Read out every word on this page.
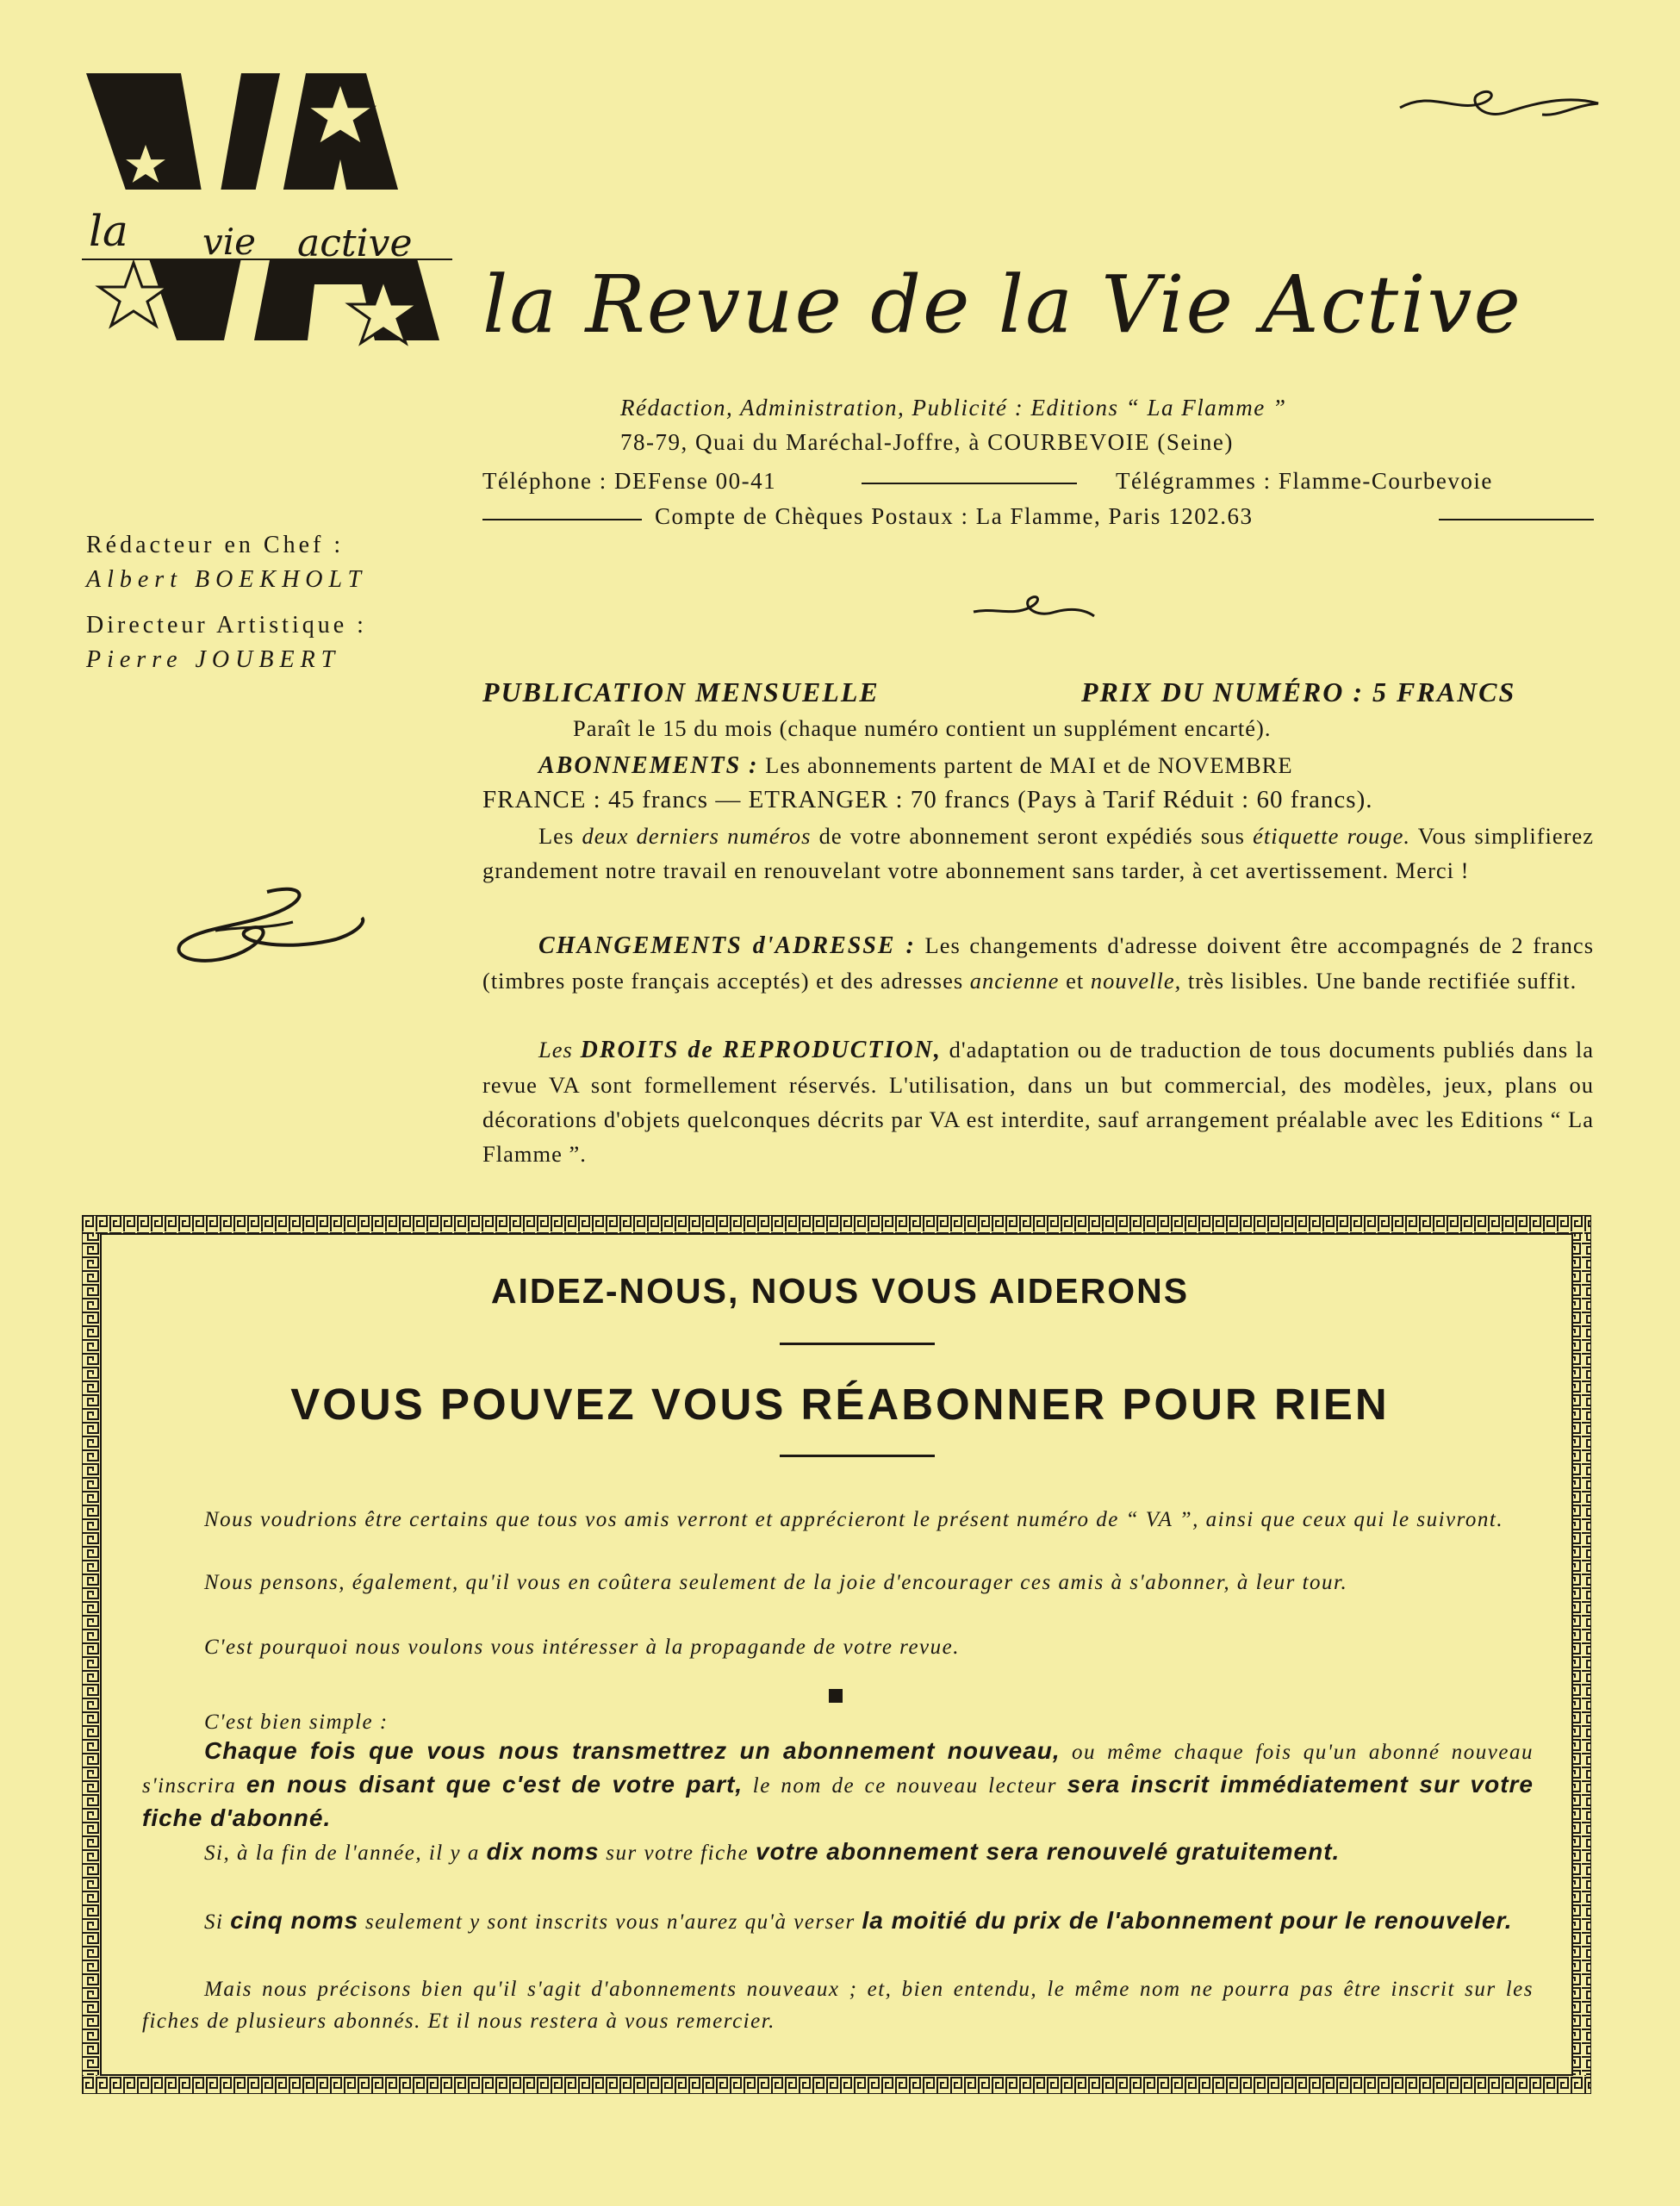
la vie active
la Revue de la Vie Active
Rédaction, Administration, Publicité : Editions “ La Flamme ”
78-79, Quai du Maréchal-Joffre, à COURBEVOIE (Seine)
Téléphone : DEFense 00-41	Télégrammes : Flamme-Courbevoie
Compte de Chèques Postaux : La Flamme, Paris 1202.63
Rédacteur en Chef :
Albert BOEKHOLT
Directeur Artistique :
Pierre JOUBERT
PUBLICATION MENSUELLE	PRIX DU NUMÉRO : 5 FRANCS
Paraît le 15 du mois (chaque numéro contient un supplément encarté).
ABONNEMENTS : Les abonnements partent de MAI et de NOVEMBRE
FRANCE : 45 francs — ETRANGER : 70 francs (Pays à Tarif Réduit : 60 francs).
Les deux derniers numéros de votre abonnement seront expédiés sous étiquette rouge. Vous simplifierez grandement notre travail en renouvelant votre abonnement sans tarder, à cet avertissement. Merci !
CHANGEMENTS d'ADRESSE : Les changements d'adresse doivent être accompagnés de 2 francs (timbres poste français acceptés) et des adresses ancienne et nouvelle, très lisibles. Une bande rectifiée suffit.
Les DROITS de REPRODUCTION, d'adaptation ou de traduction de tous documents publiés dans la revue VA sont formellement réservés. L'utilisation, dans un but commercial, des modèles, jeux, plans ou décorations d'objets quelconques décrits par VA est interdite, sauf arrangement préalable avec les Editions “ La Flamme ”.
AIDEZ-NOUS, NOUS VOUS AIDERONS
VOUS POUVEZ VOUS RÉABONNER POUR RIEN
Nous voudrions être certains que tous vos amis verront et apprécieront le présent numéro de “ VA ”, ainsi que ceux qui le suivront.
Nous pensons, également, qu'il vous en coûtera seulement de la joie d'encourager ces amis à s'abonner, à leur tour.
C'est pourquoi nous voulons vous intéresser à la propagande de votre revue.
C'est bien simple :
Chaque fois que vous nous transmettrez un abonnement nouveau, ou même chaque fois qu'un abonné nouveau s'inscrira en nous disant que c'est de votre part, le nom de ce nouveau lecteur sera inscrit immédiatement sur votre fiche d'abonné.
Si, à la fin de l'année, il y a dix noms sur votre fiche votre abonnement sera renouvelé gratuitement.
Si cinq noms seulement y sont inscrits vous n'aurez qu'à verser la moitié du prix de l'abonnement pour le renouveler.
Mais nous précisons bien qu'il s'agit d'abonnements nouveaux ; et, bien entendu, le même nom ne pourra pas être inscrit sur les fiches de plusieurs abonnés. Et il nous restera à vous remercier.
